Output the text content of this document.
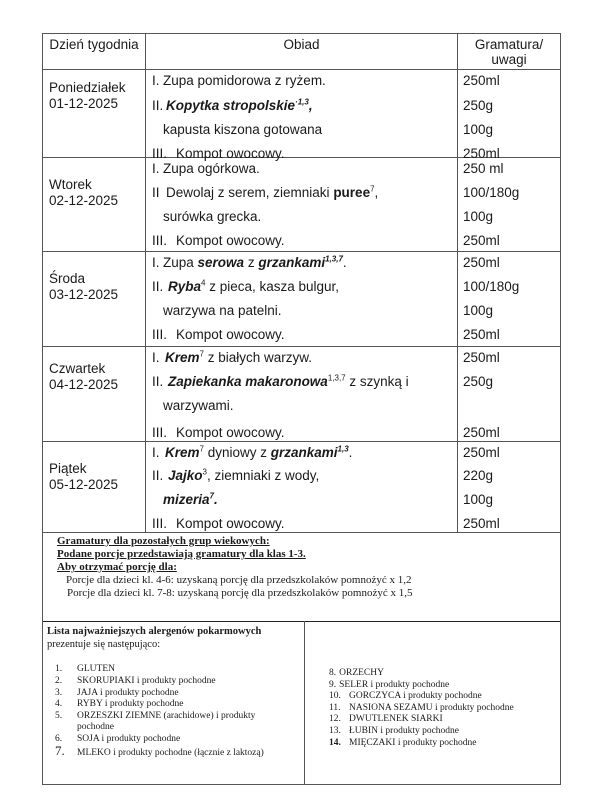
Dzień tygodnia	Obiad	Gramatura/
uwagi
Poniedziałek
01-12-2025
I. Zupa pomidorowa z ryżem.	250ml
II. Kopytka stropolskie$^{\cdot 1,3}$,	250g
kapusta kiszona gotowana	100g
III. Kompot owocowy.	250ml
Wtorek
02-12-2025
I. Zupa ogórkowa.	250 ml
II Dewolaj z serem, ziemniaki puree$^7$,	100/180g
surówka grecka.	100g
III. Kompot owocowy.	250ml
Środa
03-12-2025
I. Zupa serowa z grzankami$^{1,3,7}$.	250ml
II. Ryba$^4$ z pieca, kasza bulgur,	100/180g
warzywa na patelni.	100g
III. Kompot owocowy.	250ml
Czwartek
04-12-2025
I. Krem$^7$ z białych warzyw.	250ml
II. Zapiekanka makaronowa$^{1,3,7}$ z szynką i	250g
warzywami.
III. Kompot owocowy.	250ml
Piątek
05-12-2025
I. Krem$^7$ dyniowy z grzankami$^{1,3}$.	250ml
II. Jajko$^3$, ziemniaki z wody,	220g
mizeria$^7$.	100g
III. Kompot owocowy.	250ml
Gramatury dla pozostałych grup wiekowych:
Podane porcje przedstawiają gramatury dla klas 1-3.
Aby otrzymać porcję dla:
Porcje dla dzieci kl. 4-6: uzyskaną porcję dla przedszkolaków pomnożyć x 1,2
Porcje dla dzieci kl. 7-8: uzyskaną porcję dla przedszkolaków pomnożyć x 1,5
Lista najważniejszych alergenów pokarmowych
prezentuje się następująco:
1. GLUTEN
2. SKORUPIAKI i produkty pochodne
3. JAJA i produkty pochodne
4. RYBY i produkty pochodne
5. ORZESZKI ZIEMNE (arachidowe) i produkty
pochodne
6. SOJA i produkty pochodne
7. MLEKO i produkty pochodne (łącznie z laktozą)
8. ORZECHY
9. SELER i produkty pochodne
10. GORCZYCA i produkty pochodne
11. NASIONA SEZAMU i produkty pochodne
12. DWUTLENEK SIARKI
13. ŁUBIN i produkty pochodne
14. MIĘCZAKI i produkty pochodne
